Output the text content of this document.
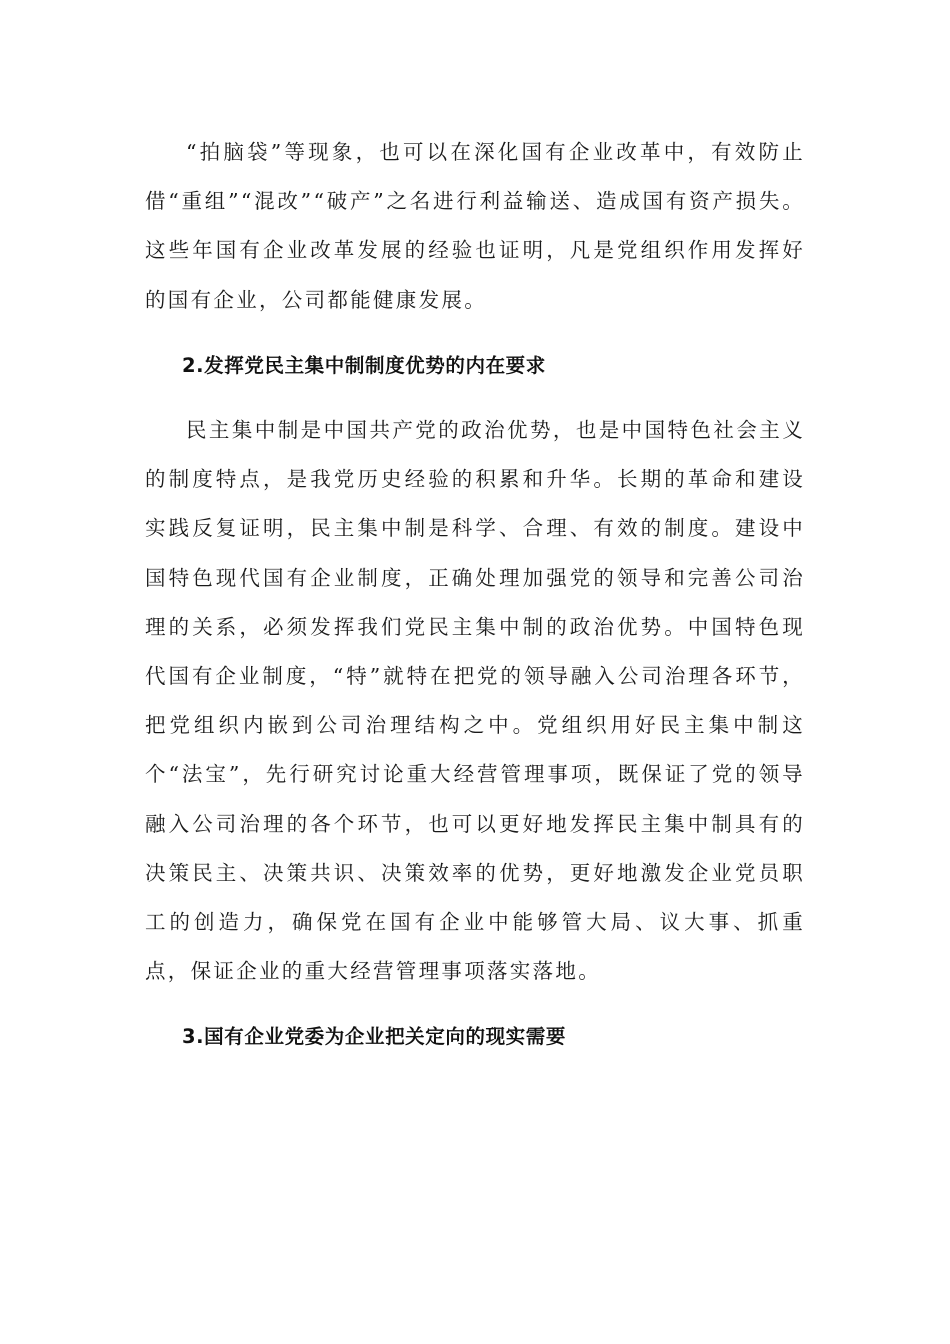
“拍脑袋”等现象，也可以在深化国有企业改革中，有效防止借“重组”“混改”“破产”之名进行利益输送、造成国有资产损失。这些年国有企业改革发展的经验也证明，凡是党组织作用发挥好的国有企业，公司都能健康发展。

2.发挥党民主集中制制度优势的内在要求

民主集中制是中国共产党的政治优势，也是中国特色社会主义的制度特点，是我党历史经验的积累和升华。长期的革命和建设实践反复证明，民主集中制是科学、合理、有效的制度。建设中国特色现代国有企业制度，正确处理加强党的领导和完善公司治理的关系，必须发挥我们党民主集中制的政治优势。中国特色现代国有企业制度，“特”就特在把党的领导融入公司治理各环节，把党组织内嵌到公司治理结构之中。党组织用好民主集中制这个“法宝”，先行研究讨论重大经营管理事项，既保证了党的领导融入公司治理的各个环节，也可以更好地发挥民主集中制具有的决策民主、决策共识、决策效率的优势，更好地激发企业党员职工的创造力，确保党在国有企业中能够管大局、议大事、抓重点，保证企业的重大经营管理事项落实落地。

3.国有企业党委为企业把关定向的现实需要
